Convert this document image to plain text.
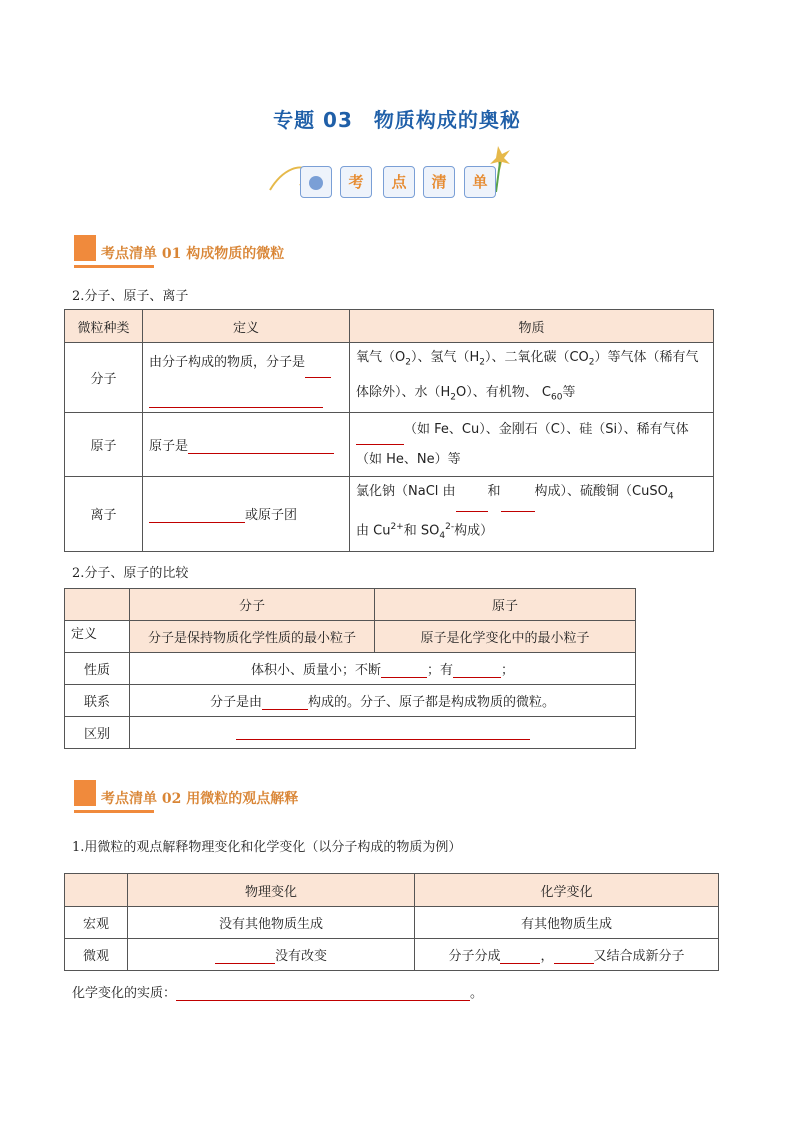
专题 03　物质构成的奥秘
考	点	清	单
考点清单 01 构成物质的微粒
2.分子、原子、离子
微粒种类	定义	物质
分子	由分子构成的物质，分子是	氧气$(O_2)$、氢气$(H_2)$、二氧化碳$(CO_2)$等气体（稀有气体除外）、水$(H_2O)$、有机物、 $C_{60}$等
原子	原子是	（如 Fe、Cu）、金刚石（C）、硅（Si）、稀有气体（如 He、Ne）等
离子	或原子团	氯化钠（NaCl 由 和 构成）、硫酸铜（CuSO$_4$
由 $Cu^{2+}$和 $SO_4^{2-}$构成）
2.分子、原子的比较
	分子	原子
定义	分子是保持物质化学性质的最小粒子	原子是化学变化中的最小粒子
性质	体积小、质量小；不断 ；有 ；	
联系	分子是由 构成的。分子、原子都是构成物质的微粒。	
区别		
考点清单 02 用微粒的观点解释
1.用微粒的观点解释物理变化和化学变化（以分子构成的物质为例）
	物理变化	化学变化
宏观	没有其他物质生成	有其他物质生成
微观	没有改变	分子分成 ， 又结合成新分子
化学变化的实质：	。
